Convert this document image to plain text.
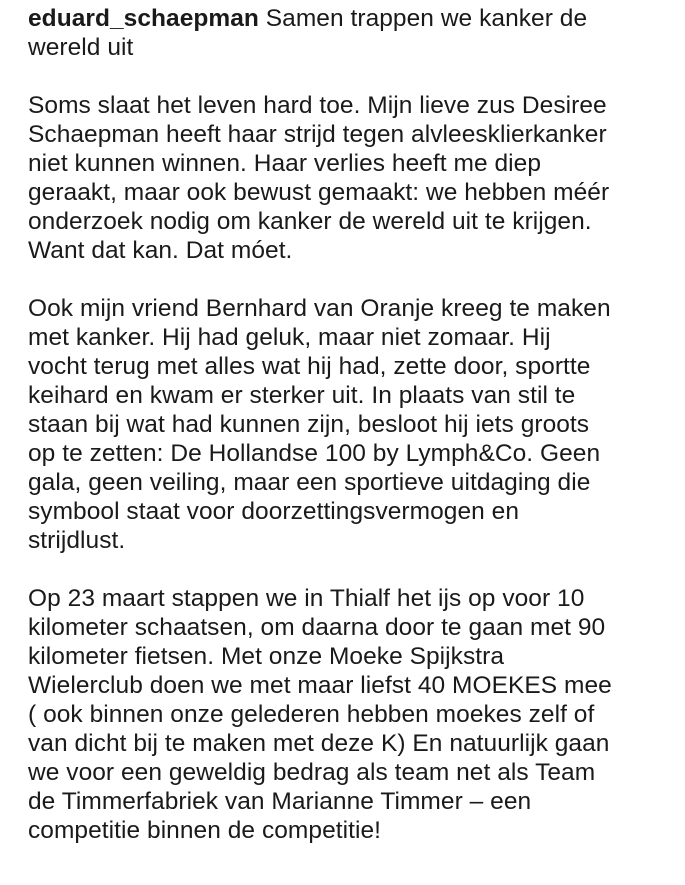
eduard_schaepman Samen trappen we kanker de
wereld uit

Soms slaat het leven hard toe. Mijn lieve zus Desiree
Schaepman heeft haar strijd tegen alvleesklierkanker
niet kunnen winnen. Haar verlies heeft me diep
geraakt, maar ook bewust gemaakt: we hebben méér
onderzoek nodig om kanker de wereld uit te krijgen.
Want dat kan. Dat móet.

Ook mijn vriend Bernhard van Oranje kreeg te maken
met kanker. Hij had geluk, maar niet zomaar. Hij
vocht terug met alles wat hij had, zette door, sportte
keihard en kwam er sterker uit. In plaats van stil te
staan bij wat had kunnen zijn, besloot hij iets groots
op te zetten: De Hollandse 100 by Lymph&Co. Geen
gala, geen veiling, maar een sportieve uitdaging die
symbool staat voor doorzettingsvermogen en
strijdlust.

Op 23 maart stappen we in Thialf het ijs op voor 10
kilometer schaatsen, om daarna door te gaan met 90
kilometer fietsen. Met onze Moeke Spijkstra
Wielerclub doen we met maar liefst 40 MOEKES mee
( ook binnen onze gelederen hebben moekes zelf of
van dicht bij te maken met deze K) En natuurlijk gaan
we voor een geweldig bedrag als team net als Team
de Timmerfabriek van Marianne Timmer – een
competitie binnen de competitie!
